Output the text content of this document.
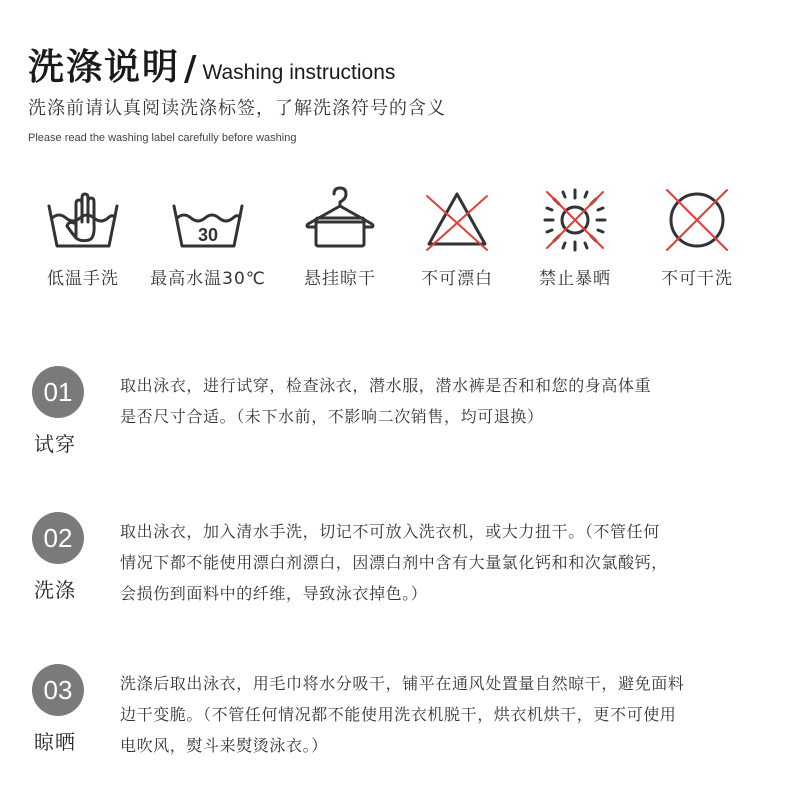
洗涤说明 / Washing instructions
洗涤前请认真阅读洗涤标签，了解洗涤符号的含义
Please read the washing label carefully before washing
低温手洗
30
最高水温30℃	悬挂晾干	不可漂白	禁止暴晒	不可干洗
01
试穿
取出泳衣，进行试穿，检查泳衣，潜水服，潜水裤是否和和您的身高体重
是否尺寸合适。（未下水前，不影响二次销售，均可退换）
02
洗涤
取出泳衣，加入清水手洗，切记不可放入洗衣机，或大力扭干。（不管任何
情况下都不能使用漂白剂漂白，因漂白剂中含有大量氯化钙和和次氯酸钙，
会损伤到面料中的纤维，导致泳衣掉色。）
03
晾晒
洗涤后取出泳衣，用毛巾将水分吸干，铺平在通风处置量自然晾干，避免面料
边干变脆。（不管任何情况都不能使用洗衣机脱干，烘衣机烘干，更不可使用
电吹风，熨斗来熨烫泳衣。）
